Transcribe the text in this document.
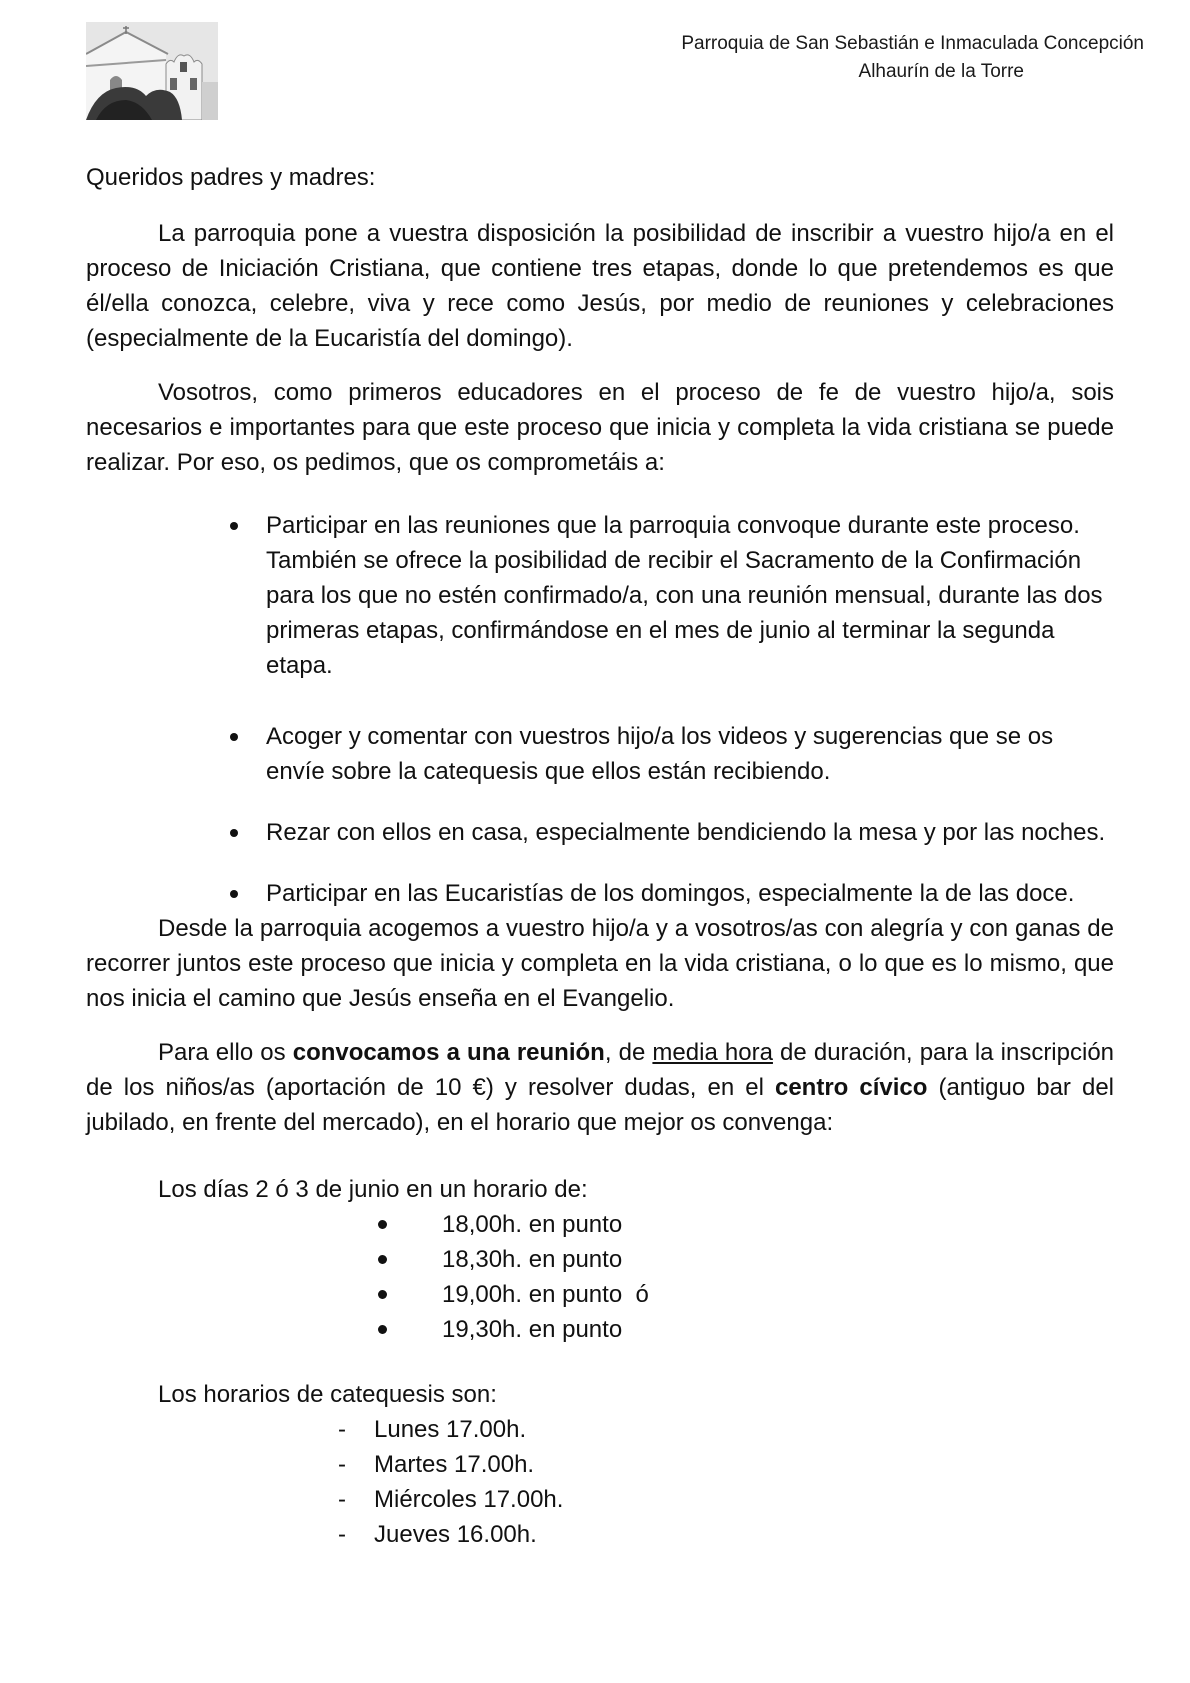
Parroquia de San Sebastián e Inmaculada Concepción
Alhaurín de la Torre

Queridos padres y madres:

La parroquia pone a vuestra disposición la posibilidad de inscribir a vuestro hijo/a en el proceso de Iniciación Cristiana, que contiene tres etapas, donde lo que pretendemos es que él/ella conozca, celebre, viva y rece como Jesús, por medio de reuniones y celebraciones (especialmente de la Eucaristía del domingo).

Vosotros, como primeros educadores en el proceso de fe de vuestro hijo/a, sois necesarios e importantes para que este proceso que inicia y completa la vida cristiana se puede realizar. Por eso, os pedimos, que os comprometáis a:

Participar en las reuniones que la parroquia convoque durante este proceso. También se ofrece la posibilidad de recibir el Sacramento de la Confirmación para los que no estén confirmado/a, con una reunión mensual, durante las dos primeras etapas, confirmándose en el mes de junio al terminar la segunda etapa.
Acoger y comentar con vuestros hijo/a los videos y sugerencias que se os envíe sobre la catequesis que ellos están recibiendo.
Rezar con ellos en casa, especialmente bendiciendo la mesa y por las noches.
Participar en las Eucaristías de los domingos, especialmente la de las doce.

Desde la parroquia acogemos a vuestro hijo/a y a vosotros/as con alegría y con ganas de recorrer juntos este proceso que inicia y completa en la vida cristiana, o lo que es lo mismo, que nos inicia el camino que Jesús enseña en el Evangelio.

Para ello os convocamos a una reunión, de media hora de duración, para la inscripción de los niños/as (aportación de 10 €) y resolver dudas, en el centro cívico (antiguo bar del jubilado, en frente del mercado), en el horario que mejor os convenga:

Los días 2 ó 3 de junio en un horario de:
18,00h. en punto
18,30h. en punto
19,00h. en punto  ó
19,30h. en punto
Los horarios de catequesis son:
- Lunes 17.00h.
- Martes 17.00h.
- Miércoles 17.00h.
- Jueves 16.00h.
